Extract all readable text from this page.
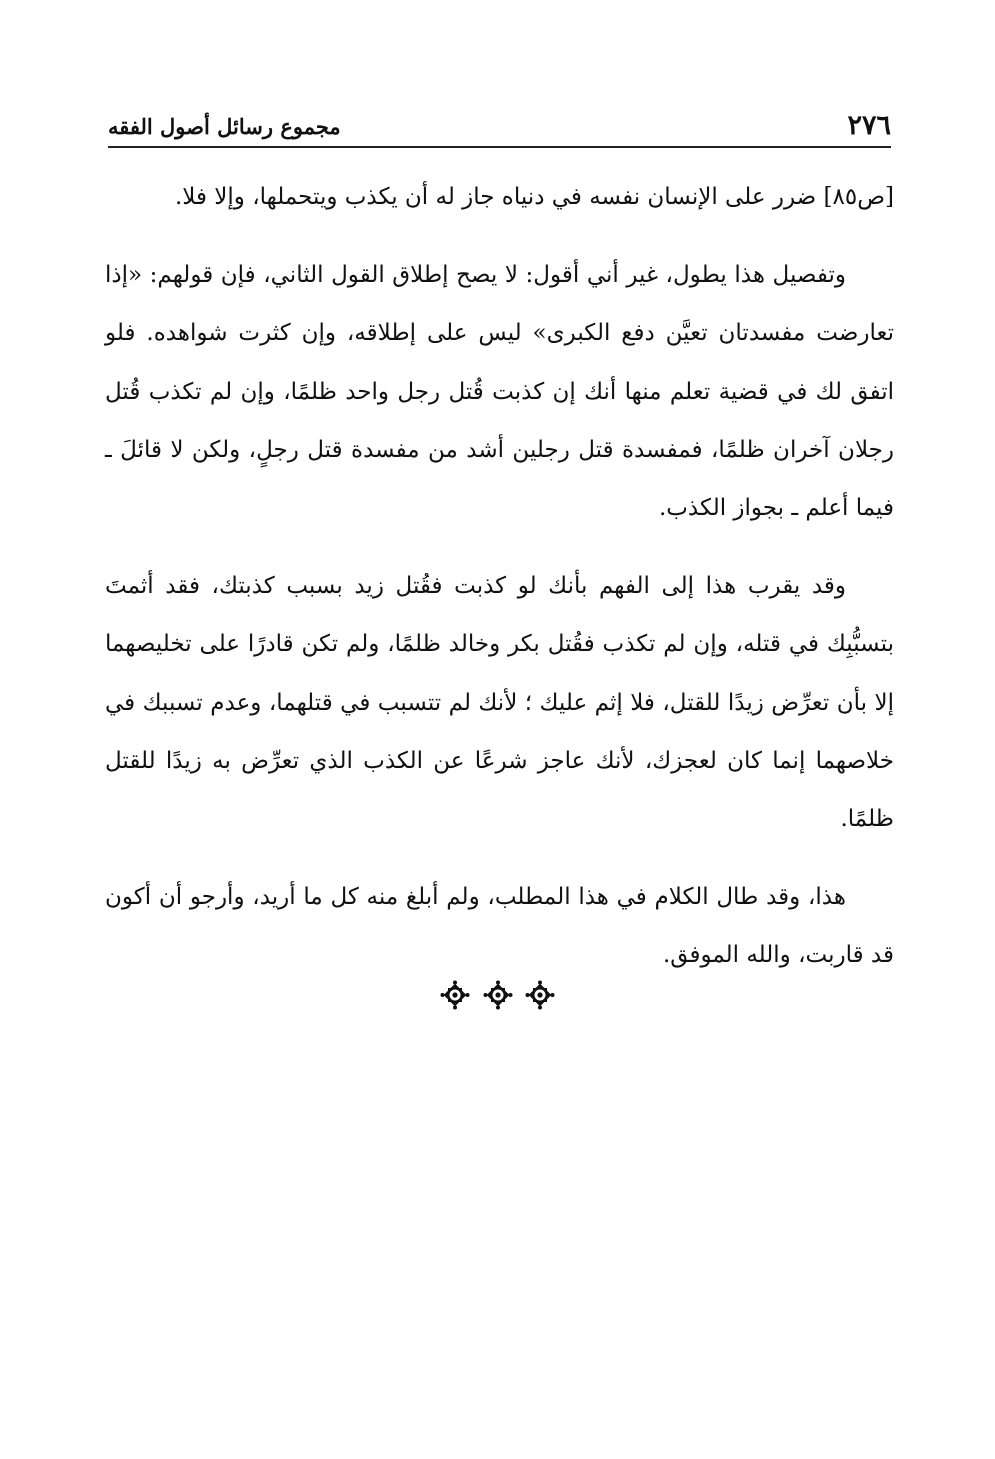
٢٧٦
مجموع رسائل أصول الفقه

[ص٨٥] ضرر على الإنسان نفسه في دنياه جاز له أن يكذب ويتحملها، وإلا فلا.

وتفصيل هذا يطول، غير أني أقول: لا يصح إطلاق القول الثاني، فإن قولهم: «إذا تعارضت مفسدتان تعيَّن دفع الكبرى» ليس على إطلاقه، وإن كثرت شواهده. فلو اتفق لك في قضية تعلم منها أنك إن كذبت قُتل رجل واحد ظلمًا، وإن لم تكذب قُتل رجلان آخران ظلمًا، فمفسدة قتل رجلين أشد من مفسدة قتل رجلٍ، ولكن لا قائلَ ـ فيما أعلم ـ بجواز الكذب.

وقد يقرب هذا إلى الفهم بأنك لو كذبت فقُتل زيد بسبب كذبتك، فقد أثمتَ بتسبُّبِك في قتله، وإن لم تكذب فقُتل بكر وخالد ظلمًا، ولم تكن قادرًا على تخليصهما إلا بأن تعرِّض زيدًا للقتل، فلا إثم عليك ؛ لأنك لم تتسبب في قتلهما، وعدم تسببك في خلاصهما إنما كان لعجزك، لأنك عاجز شرعًا عن الكذب الذي تعرِّض به زيدًا للقتل ظلمًا.

هذا، وقد طال الكلام في هذا المطلب، ولم أبلغ منه كل ما أريد، وأرجو أن أكون قد قاربت، والله الموفق.
